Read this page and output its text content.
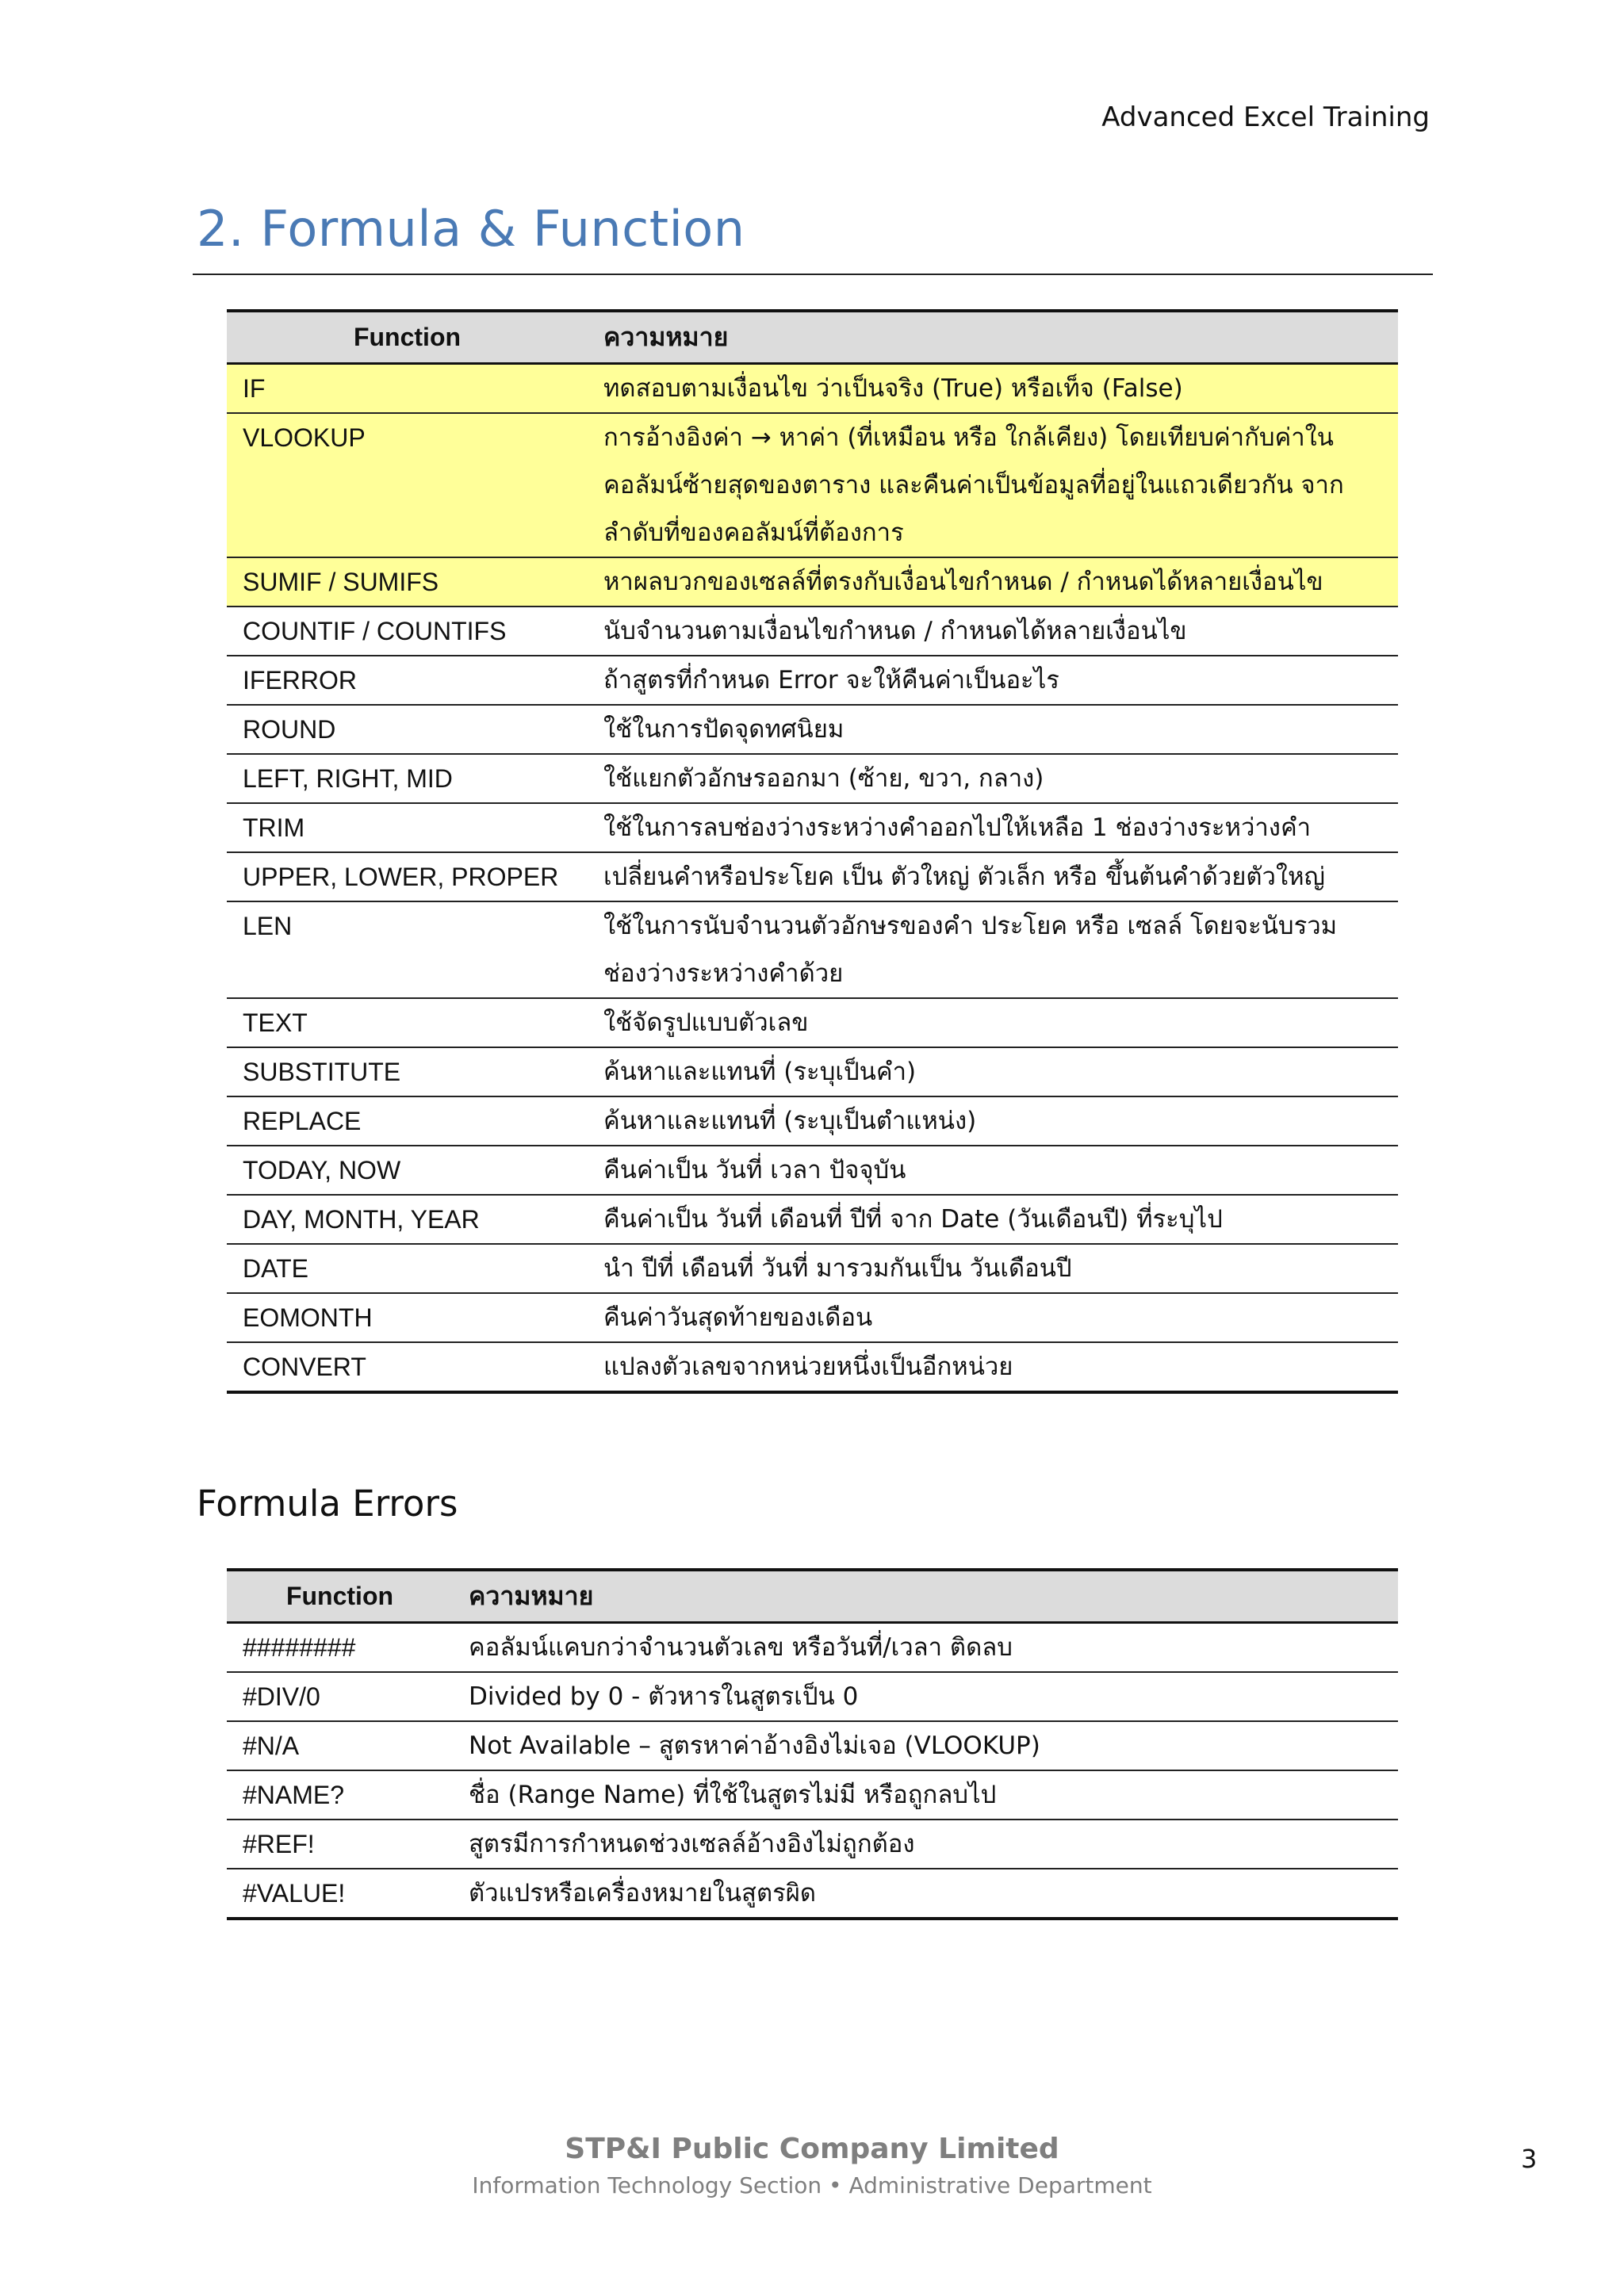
Advanced Excel Training
2. Formula & Function
Function	ความหมาย
IF	ทดสอบตามเงื่อนไข ว่าเป็นจริง (True) หรือเท็จ (False)
VLOOKUP	การอ้างอิงค่า → หาค่า (ที่เหมือน หรือ ใกล้เคียง) โดยเทียบค่ากับค่าใน คอลัมน์ซ้ายสุดของตาราง และคืนค่าเป็นข้อมูลที่อยู่ในแถวเดียวกัน จาก ลำดับที่ของคอลัมน์ที่ต้องการ
SUMIF / SUMIFS	หาผลบวกของเซลล์ที่ตรงกับเงื่อนไขกำหนด / กำหนดได้หลายเงื่อนไข
COUNTIF / COUNTIFS	นับจำนวนตามเงื่อนไขกำหนด / กำหนดได้หลายเงื่อนไข
IFERROR	ถ้าสูตรที่กำหนด Error จะให้คืนค่าเป็นอะไร
ROUND	ใช้ในการปัดจุดทศนิยม
LEFT, RIGHT, MID	ใช้แยกตัวอักษรออกมา (ซ้าย, ขวา, กลาง)
TRIM	ใช้ในการลบช่องว่างระหว่างคำออกไปให้เหลือ 1 ช่องว่างระหว่างคำ
UPPER, LOWER, PROPER	เปลี่ยนคำหรือประโยค เป็น ตัวใหญ่ ตัวเล็ก หรือ ขึ้นต้นคำด้วยตัวใหญ่
LEN	ใช้ในการนับจำนวนตัวอักษรของคำ ประโยค หรือ เซลล์ โดยจะนับรวม ช่องว่างระหว่างคำด้วย
TEXT	ใช้จัดรูปแบบตัวเลข
SUBSTITUTE	ค้นหาและแทนที่ (ระบุเป็นคำ)
REPLACE	ค้นหาและแทนที่ (ระบุเป็นตำแหน่ง)
TODAY, NOW	คืนค่าเป็น วันที่ เวลา ปัจจุบัน
DAY, MONTH, YEAR	คืนค่าเป็น วันที่ เดือนที่ ปีที่ จาก Date (วันเดือนปี) ที่ระบุไป
DATE	นำ ปีที่ เดือนที่ วันที่ มารวมกันเป็น วันเดือนปี
EOMONTH	คืนค่าวันสุดท้ายของเดือน
CONVERT	แปลงตัวเลขจากหน่วยหนึ่งเป็นอีกหน่วย
Formula Errors
Function	ความหมาย
########	คอลัมน์แคบกว่าจำนวนตัวเลข หรือวันที่/เวลา ติดลบ
#DIV/0	Divided by 0 - ตัวหารในสูตรเป็น 0
#N/A	Not Available – สูตรหาค่าอ้างอิงไม่เจอ (VLOOKUP)
#NAME?	ชื่อ (Range Name) ที่ใช้ในสูตรไม่มี หรือถูกลบไป
#REF!	สูตรมีการกำหนดช่วงเซลล์อ้างอิงไม่ถูกต้อง
#VALUE!	ตัวแปรหรือเครื่องหมายในสูตรผิด
STP&I Public Company Limited
Information Technology Section • Administrative Department
3
